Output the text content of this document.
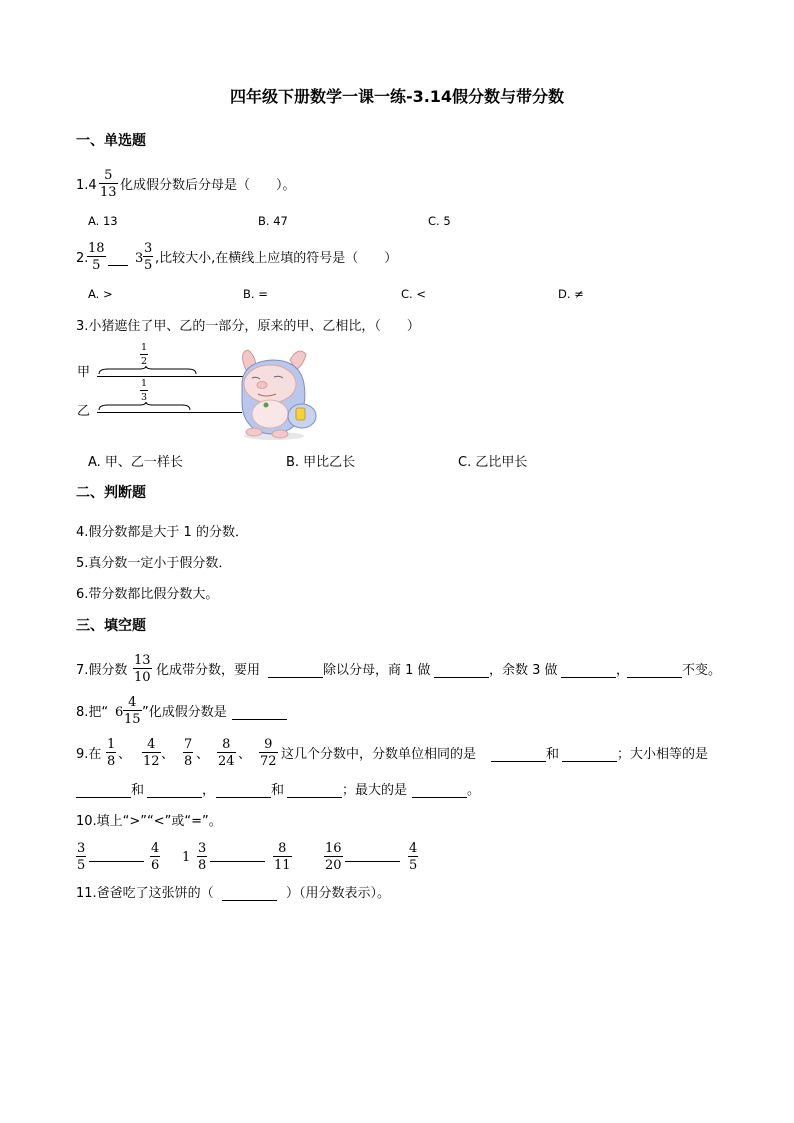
四年级下册数学一课一练-3.14假分数与带分数
一、单选题
1.4
5
13 化成假分数后分母是（　　）。
A. 13	B. 47	C. 5
2.
18
5	3
3
5 ,比较大小,在横线上应填的符号是（　　）
A. >	B. =	C. <	D. ≠
3.小猪遮住了甲、乙的一部分，原来的甲、乙相比，（　　）
甲
1
2
乙
1
3
A. 甲、乙一样长	B. 甲比乙长	C. 乙比甲长
二、判断题
4.假分数都是大于 1 的分数．
5.真分数一定小于假分数．
6.带分数都比假分数大。
三、填空题
7.假分数
13
10 化成带分数，要用	除以分母，商 1 做	，余数 3 做	，	不变。
8.把“ 6
4
15 ”化成假分数是
9.在
1
8 、
4
12 、
7
8 、
8
24 、
9
72 这几个分数中，分数单位相同的是	和	；大小相等的是
和	，	和	；最大的是	。
10.填上“>”“<”或“=”。
3
5
4
6
1
3
8
8
11
16
20
4
5
11.爸爸吃了这张饼的（	）（用分数表示）。
